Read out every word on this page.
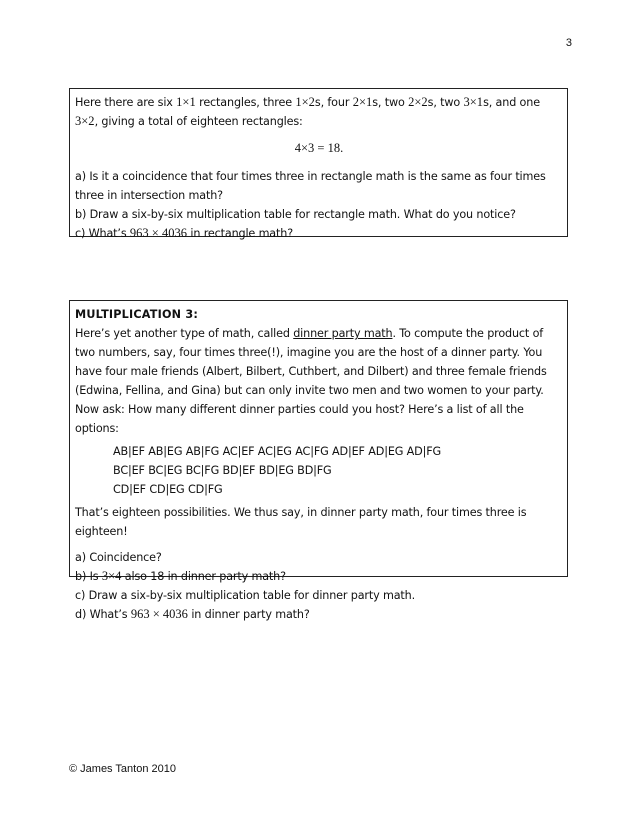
3

Here there are six 1×1 rectangles, three 1×2s, four 2×1s, two 2×2s, two 3×1s, and one
3×2, giving a total of eighteen rectangles:

4×3 = 18.

a) Is it a coincidence that four times three in rectangle math is the same as four times three in intersection math?

b) Draw a six-by-six multiplication table for rectangle math. What do you notice?

c) What’s 963 × 4036 in rectangle math?

MULTIPLICATION 3:

Here’s yet another type of math, called dinner party math. To compute the product of two numbers, say, four times three(!), imagine you are the host of a dinner party. You have four male friends (Albert, Bilbert, Cuthbert, and Dilbert) and three female friends (Edwina, Fellina, and Gina) but can only invite two men and two women to your party. Now ask: How many different dinner parties could you host? Here’s a list of all the options:

AB|EF AB|EG AB|FG AC|EF AC|EG AC|FG AD|EF AD|EG AD|FG

BC|EF BC|EG BC|FG BD|EF BD|EG BD|FG

CD|EF CD|EG CD|FG

That’s eighteen possibilities. We thus say, in dinner party math, four times three is eighteen!

a) Coincidence?

b) Is 3×4 also 18 in dinner party math?

c) Draw a six-by-six multiplication table for dinner party math.

d) What’s 963 × 4036 in dinner party math?

© James Tanton 2010
